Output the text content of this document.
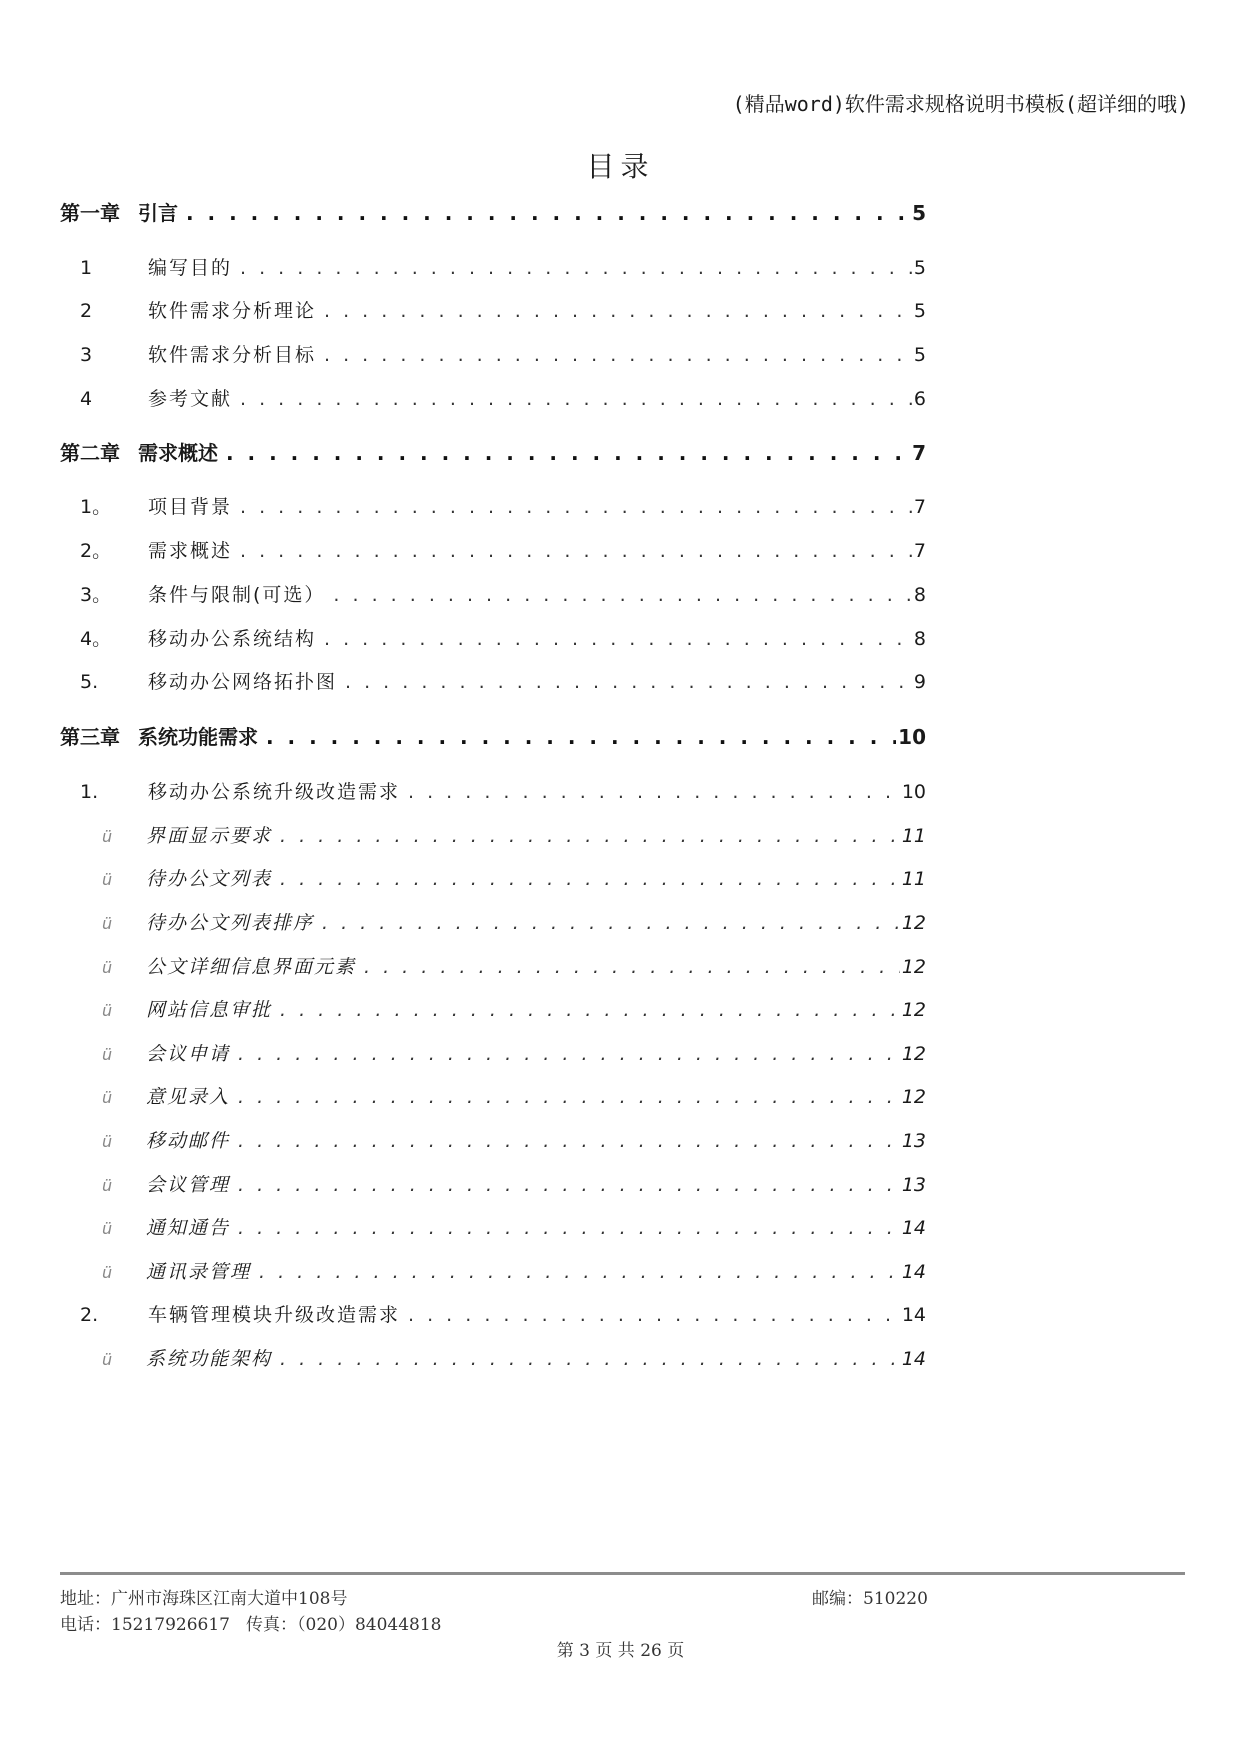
(精品word)软件需求规格说明书模板(超详细的哦)
目录
第一章 引言 . . .	5
1	编写目的 . . .	5
2	软件需求分析理论 . . .	5
3	软件需求分析目标 . . .	5
4	参考文献 . . .	6
第二章 需求概述 . . .	7
1。	项目背景 . . .	7
2。	需求概述 . . .	7
3。	条件与限制(可选） . . .	8
4。	移动办公系统结构 . . .	8
5.	移动办公网络拓扑图 . . .	9
第三章 系统功能需求 . . .	10
1.	移动办公系统升级改造需求 . . .	10
ü	界面显示要求 . . .	11
ü	待办公文列表 . . .	11
ü	待办公文列表排序 . . .	12
ü	公文详细信息界面元素 . . .	12
ü	网站信息审批 . . .	12
ü	会议申请 . . .	12
ü	意见录入 . . .	12
ü	移动邮件 . . .	13
ü	会议管理 . . .	13
ü	通知通告 . . .	14
ü	通讯录管理 . . .	14
2.	车辆管理模块升级改造需求 . . .	14
ü	系统功能架构 . . .	14
地址：广州市海珠区江南大道中108号	邮编：510220
电话：15217926617 传真：（020）84044818
第 3 页 共 26 页
